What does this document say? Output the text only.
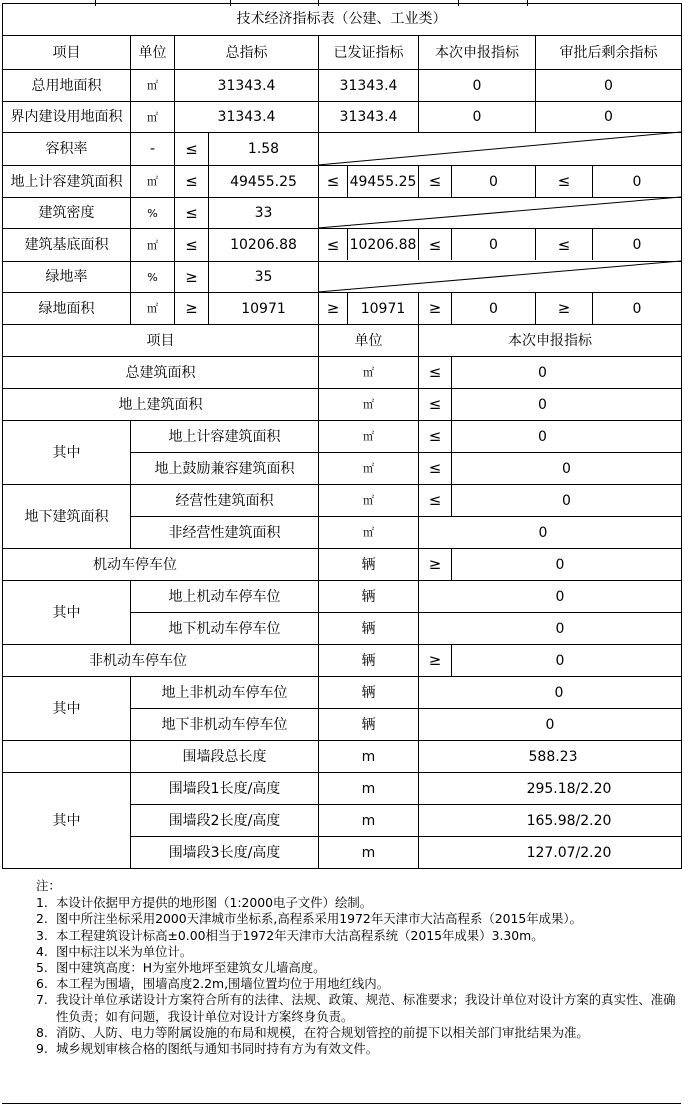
技术经济指标表（公建、工业类）
项目	单位	总指标	已发证指标	本次申报指标	审批后剩余指标
总用地面积	㎡	31343.4	31343.4	0	0
界内建设用地面积	㎡	31343.4	31343.4	0	0
容积率	-	≤	1.58
地上计容建筑面积	㎡	≤	49455.25	≤ 49455.25 ≤	0	≤	0
建筑密度	%	≤	33
建筑基底面积	㎡	≤	10206.88	≤ 10206.88 ≤	0	≤	0
绿地率	%	≥	35
绿地面积	㎡	≥	10971	≥	10971	≥	0	≥	0
项目	单位	本次申报指标
总建筑面积	㎡	≤	0
地上建筑面积	㎡	≤	0
其中
地上计容建筑面积	㎡	≤	0
地上鼓励兼容建筑面积	㎡	≤	0
地下建筑面积
经营性建筑面积	㎡	≤	0
非经营性建筑面积	㎡	0
机动车停车位	辆	≥	0
其中
地上机动车停车位	辆	0
地下机动车停车位	辆	0
非机动车停车位	辆	≥	0
其中
地上非机动车停车位	辆	0
地下非机动车停车位	辆	0
围墙段总长度	m	588.23
其中
围墙段1长度/高度	m	295.18/2.20
围墙段2长度/高度	m	165.98/2.20
围墙段3长度/高度	m	127.07/2.20
注：
1. 本设计依据甲方提供的地形图（1:2000电子文件）绘制。
2. 图中所注坐标采用2000天津城市坐标系,高程系采用1972年天津市大沽高程系（2015年成果）。
3. 本工程建筑设计标高±0.00相当于1972年天津市大沽高程系统（2015年成果）3.30m。
4. 图中标注以米为单位计。
5. 图中建筑高度：H为室外地坪至建筑女儿墙高度。
6. 本工程为围墙，围墙高度2.2m,围墙位置均位于用地红线内。
7. 我设计单位承诺设计方案符合所有的法律、法规、政策、规范、标准要求；我设计单位对设计方案的真实性、准确性负责；如有问题，我设计单位对设计方案终身负责。
8. 消防、人防、电力等附属设施的布局和规模，在符合规划管控的前提下以相关部门审批结果为准。
9. 城乡规划审核合格的图纸与通知书同时持有方为有效文件。
